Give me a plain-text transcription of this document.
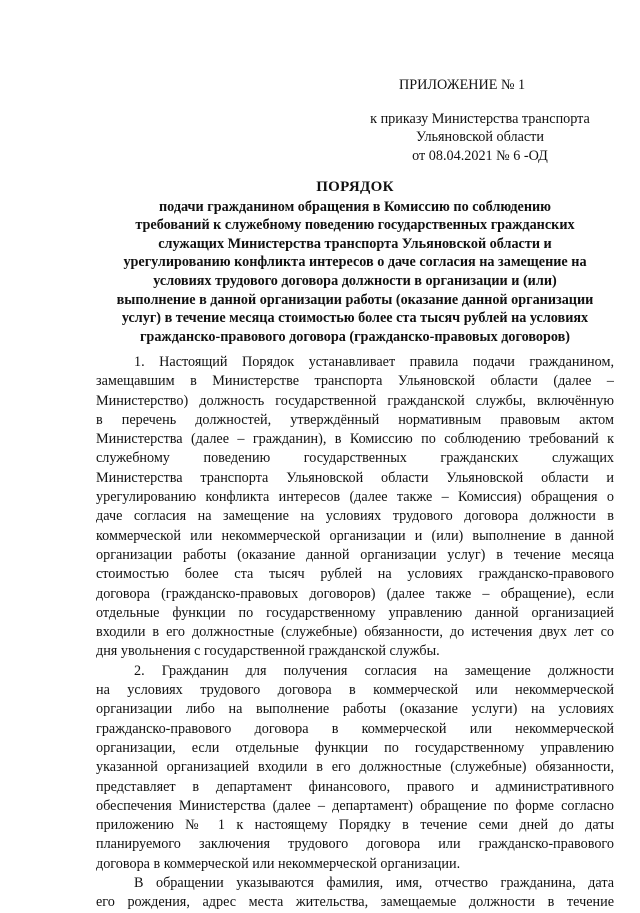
ПРИЛОЖЕНИЕ № 1
к приказу Министерства транспорта
Ульяновской области
от 08.04.2021 № 6 -ОД
ПОРЯДОК
подачи гражданином обращения в Комиссию по соблюдению
требований к служебному поведению государственных гражданских
служащих Министерства транспорта Ульяновской области и
урегулированию конфликта интересов о даче согласия на замещение на
условиях трудового договора должности в организации и (или)
выполнение в данной организации работы (оказание данной организации
услуг) в течение месяца стоимостью более ста тысяч рублей на условиях
гражданско-правового договора (гражданско-правовых договоров)
1. Настоящий Порядок устанавливает правила подачи гражданином,
замещавшим в Министерстве транспорта Ульяновской области (далее –
Министерство) должность государственной гражданской службы, включённую
в перечень должностей, утверждённый нормативным правовым актом
Министерства (далее – гражданин), в Комиссию по соблюдению требований к
служебному поведению государственных гражданских служащих
Министерства транспорта Ульяновской области Ульяновской области и
урегулированию конфликта интересов (далее также – Комиссия) обращения о
даче согласия на замещение на условиях трудового договора должности в
коммерческой или некоммерческой организации и (или) выполнение в данной
организации работы (оказание данной организации услуг) в течение месяца
стоимостью более ста тысяч рублей на условиях гражданско-правового
договора (гражданско-правовых договоров) (далее также – обращение), если
отдельные функции по государственному управлению данной организацией
входили в его должностные (служебные) обязанности, до истечения двух лет со
дня увольнения с государственной гражданской службы.
2. Гражданин для получения согласия на замещение должности
на условиях трудового договора в коммерческой или некоммерческой
организации либо на выполнение работы (оказание услуги) на условиях
гражданско-правового договора в коммерческой или некоммерческой
организации, если отдельные функции по государственному управлению
указанной организацией входили в его должностные (служебные) обязанности,
представляет в департамент финансового, правого и административного
обеспечения Министерства (далее – департамент) обращение по форме согласно
приложению № 1 к настоящему Порядку в течение семи дней до даты
планируемого заключения трудового договора или гражданско-правового
договора в коммерческой или некоммерческой организации.
В обращении указываются фамилия, имя, отчество гражданина, дата
его рождения, адрес места жительства, замещаемые должности в течение
